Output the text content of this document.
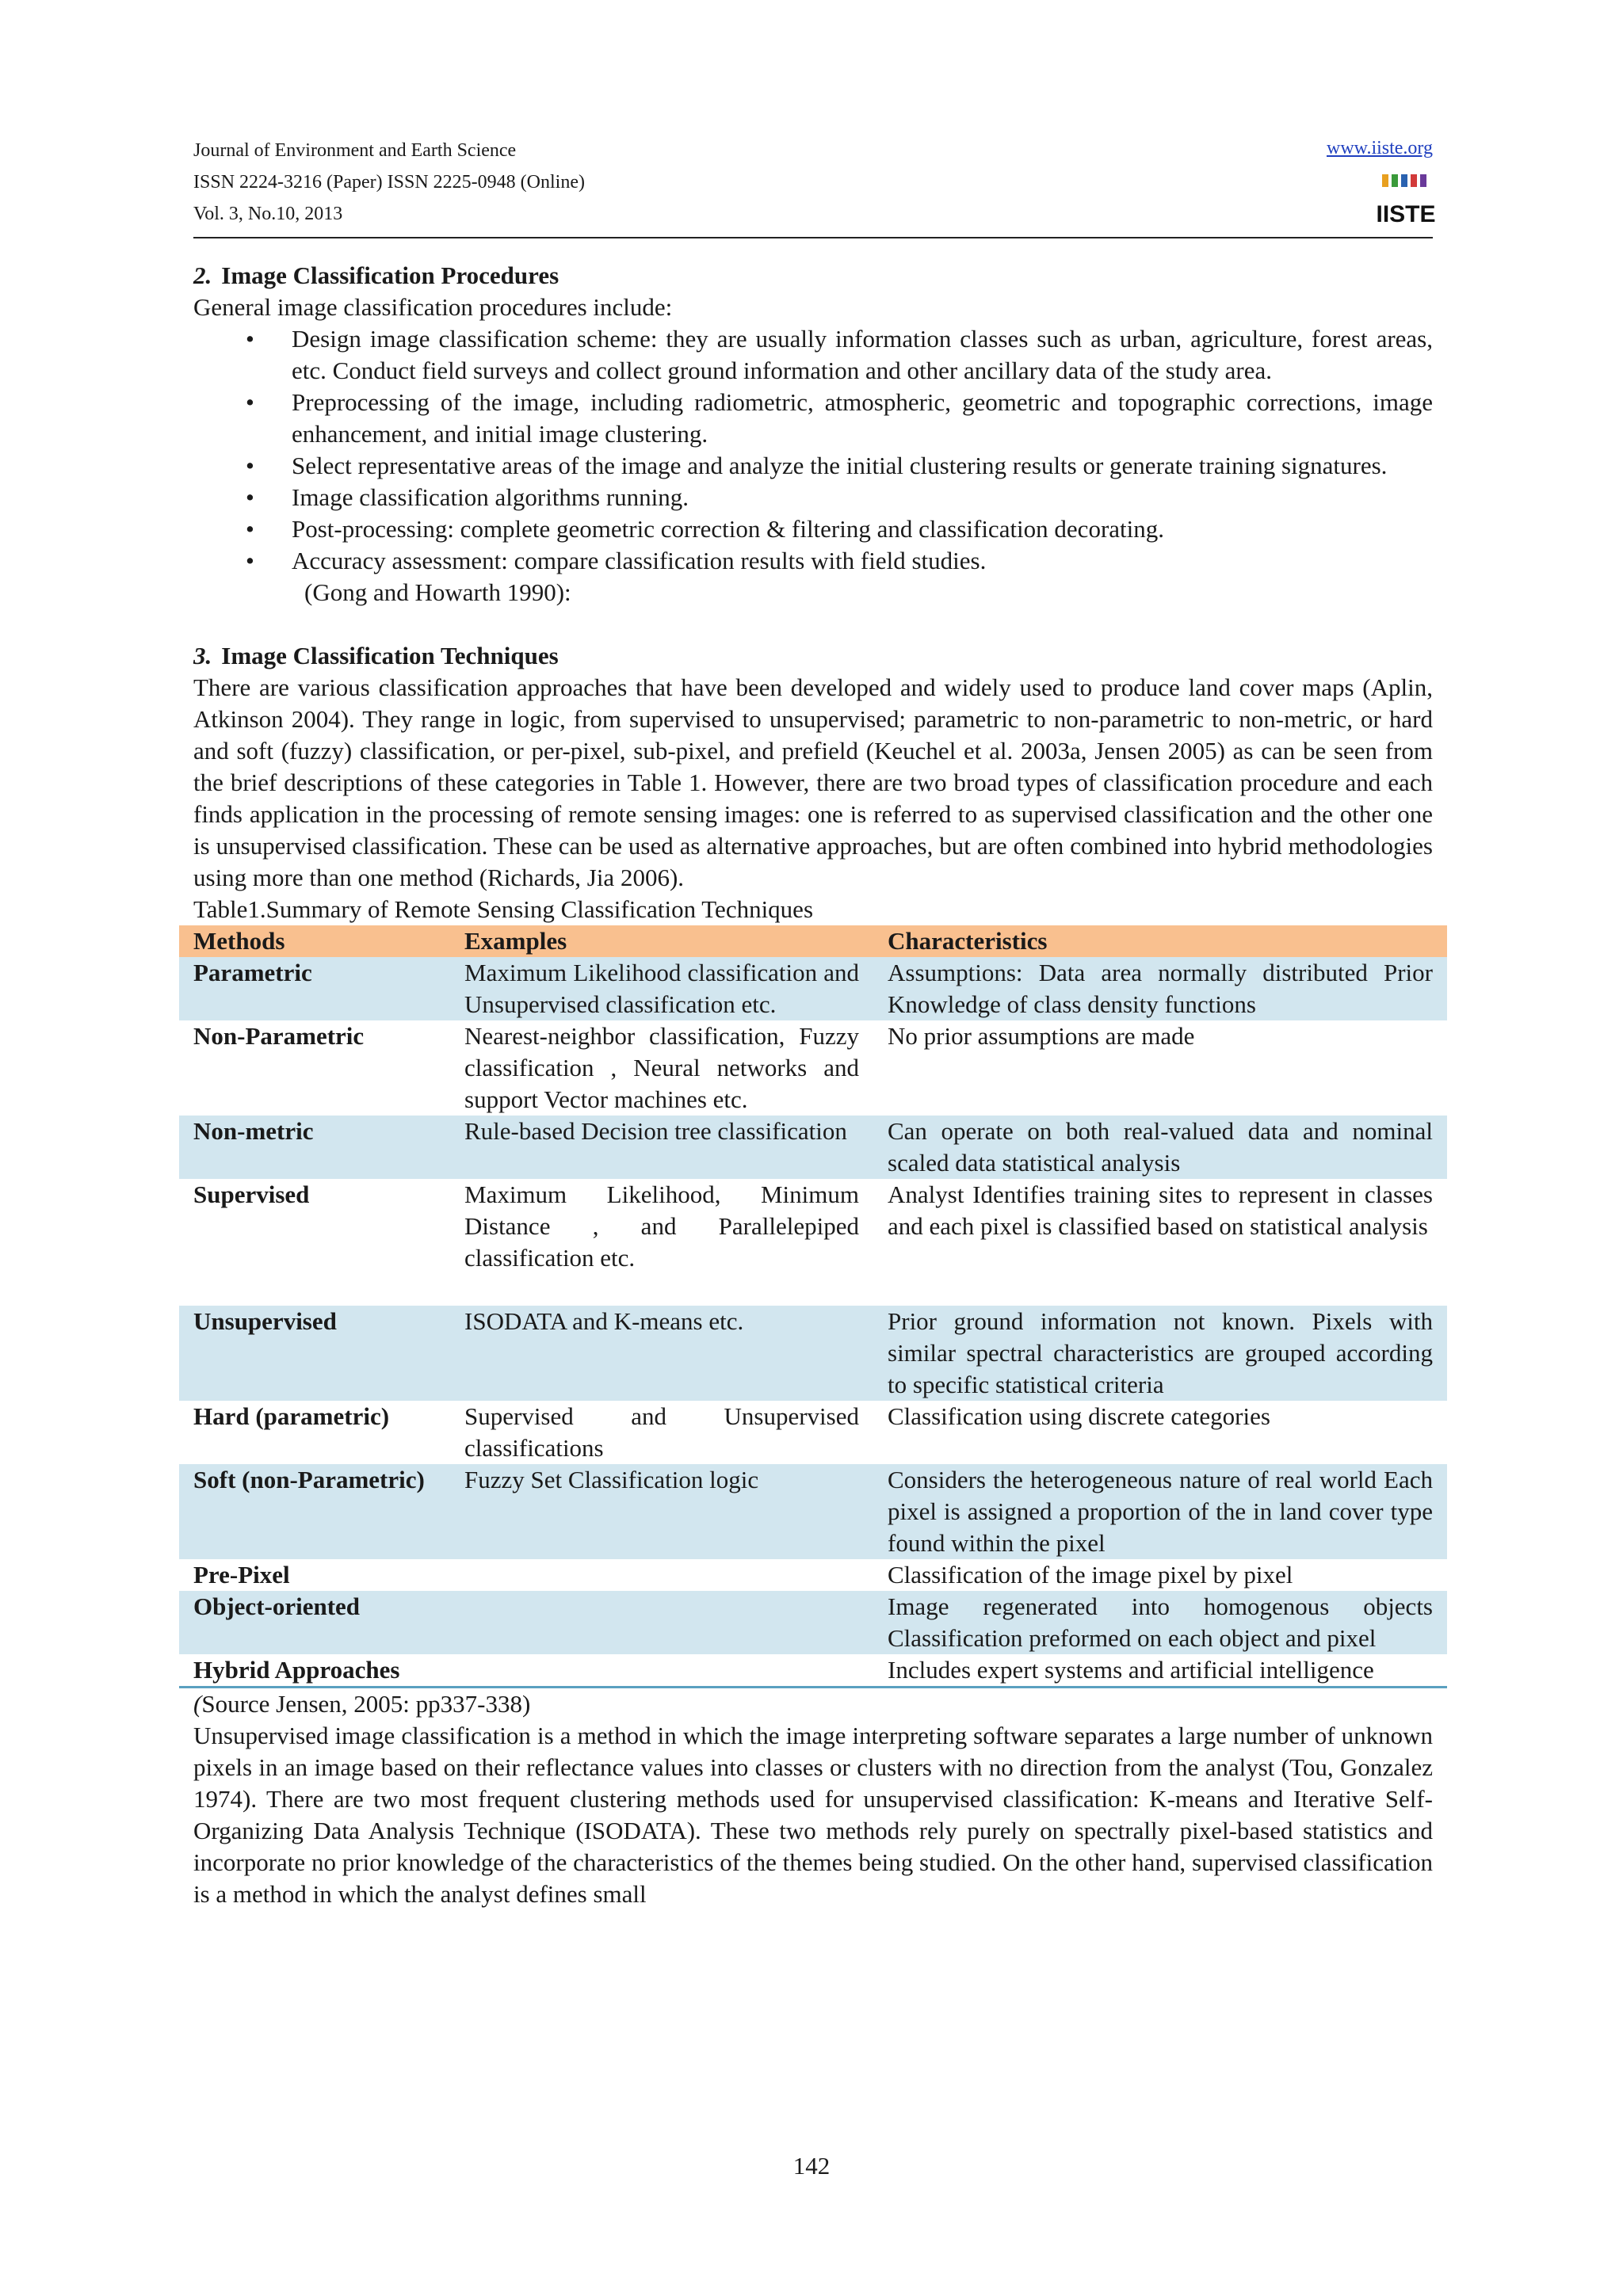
Journal of Environment and Earth Science
ISSN 2224-3216 (Paper) ISSN 2225-0948 (Online)
Vol. 3, No.10, 2013
www.iiste.org
IISTE
2. Image Classification Procedures

General image classification procedures include:

• Design image classification scheme: they are usually information classes such as urban, agriculture, forest areas, etc. Conduct field surveys and collect ground information and other ancillary data of the study area.
• Preprocessing of the image, including radiometric, atmospheric, geometric and topographic corrections, image enhancement, and initial image clustering.
• Select representative areas of the image and analyze the initial clustering results or generate training signatures.
• Image classification algorithms running.
• Post-processing: complete geometric correction & filtering and classification decorating.
• Accuracy assessment: compare classification results with field studies.

(Gong and Howarth 1990):

3. Image Classification Techniques

There are various classification approaches that have been developed and widely used to produce land cover maps (Aplin, Atkinson 2004). They range in logic, from supervised to unsupervised; parametric to non-parametric to non-metric, or hard and soft (fuzzy) classification, or per-pixel, sub-pixel, and prefield (Keuchel et al. 2003a, Jensen 2005) as can be seen from the brief descriptions of these categories in Table 1. However, there are two broad types of classification procedure and each finds application in the processing of remote sensing images: one is referred to as supervised classification and the other one is unsupervised classification. These can be used as alternative approaches, but are often combined into hybrid methodologies using more than one method (Richards, Jia 2006).

Table1.Summary of Remote Sensing Classification Techniques

Methods	Examples	Characteristics
Parametric	Maximum Likelihood classification and Unsupervised classification etc.	Assumptions: Data area normally distributed Prior Knowledge of class density functions
Non-Parametric	Nearest-neighbor classification, Fuzzy classification , Neural networks and support Vector machines etc.	No prior assumptions are made
Non-metric	Rule-based Decision tree classification	Can operate on both real-valued data and nominal scaled data statistical analysis
Supervised	Maximum Likelihood, Minimum Distance , and Parallelepiped classification etc.	Analyst Identifies training sites to represent in classes and each pixel is classified based on statistical analysis
Unsupervised	ISODATA and K-means etc.	Prior ground information not known. Pixels with similar spectral characteristics are grouped according to specific statistical criteria
Hard (parametric)	Supervised and Unsupervised classifications	Classification using discrete categories
Soft (non-Parametric)	Fuzzy Set Classification logic	Considers the heterogeneous nature of real world Each pixel is assigned a proportion of the in land cover type found within the pixel
Pre-Pixel		Classification of the image pixel by pixel
Object-oriented		Image regenerated into homogenous objects Classification preformed on each object and pixel
Hybrid Approaches		Includes expert systems and artificial intelligence

(Source Jensen, 2005: pp337-338)

Unsupervised image classification is a method in which the image interpreting software separates a large number of unknown pixels in an image based on their reflectance values into classes or clusters with no direction from the analyst (Tou, Gonzalez 1974). There are two most frequent clustering methods used for unsupervised classification: K-means and Iterative Self-Organizing Data Analysis Technique (ISODATA). These two methods rely purely on spectrally pixel-based statistics and incorporate no prior knowledge of the characteristics of the themes being studied. On the other hand, supervised classification is a method in which the analyst defines small

142
